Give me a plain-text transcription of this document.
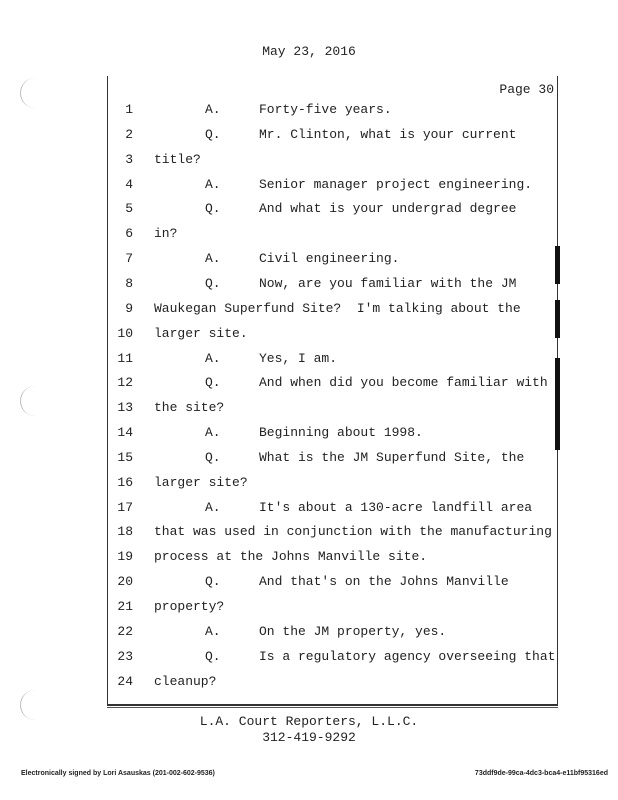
May 23, 2016
Page 30
1	A.	Forty-five years.
2	Q.	Mr. Clinton, what is your current
3 title?
4	A.	Senior manager project engineering.
5	Q.	And what is your undergrad degree
6 in?
7	A.	Civil engineering.
8	Q.	Now, are you familiar with the JM
9 Waukegan Superfund Site?  I'm talking about the
10 larger site.
11	A.	Yes, I am.
12	Q.	And when did you become familiar with
13 the site?
14	A.	Beginning about 1998.
15	Q.	What is the JM Superfund Site, the
16 larger site?
17	A.	It's about a 130-acre landfill area
18 that was used in conjunction with the manufacturing
19 process at the Johns Manville site.
20	Q.	And that's on the Johns Manville
21 property?
22	A.	On the JM property, yes.
23	Q.	Is a regulatory agency overseeing that
24 cleanup?
L.A. Court Reporters, L.L.C.
312-419-9292
Electronically signed by Lori Asauskas (201-002-602-9536)	73ddf9de-99ca-4dc3-bca4-e11bf95316ed
